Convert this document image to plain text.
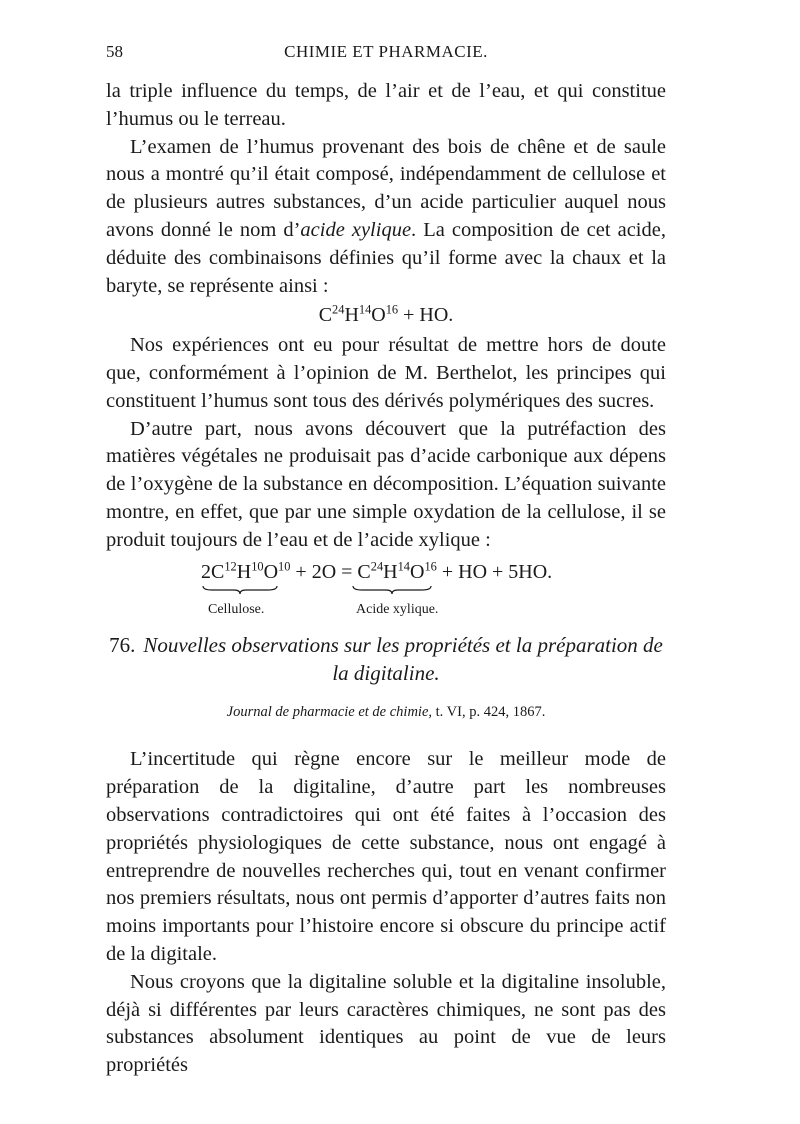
58	CHIMIE ET PHARMACIE.

la triple influence du temps, de l’air et de l’eau, et qui constitue l’humus ou le terreau.

L’examen de l’humus provenant des bois de chêne et de saule nous a montré qu’il était composé, indépendamment de cellulose et de plusieurs autres substances, d’un acide particulier auquel nous avons donné le nom d’acide xylique. La composition de cet acide, déduite des combinaisons définies qu’il forme avec la chaux et la baryte, se représente ainsi :

$C^{24}H^{14}O^{16}$ + HO.

Nos expériences ont eu pour résultat de mettre hors de doute que, conformément à l’opinion de M. Berthelot, les principes qui constituent l’humus sont tous des dérivés polymériques des sucres.

D’autre part, nous avons découvert que la putréfaction des matières végétales ne produisait pas d’acide carbonique aux dépens de l’oxygène de la substance en décomposition. L’équation suivante montre, en effet, que par une simple oxydation de la cellulose, il se produit toujours de l’eau et de l’acide xylique :

$2C^{12}H^{10}O^{10} + 2O = C^{24}H^{14}O^{16}$ + HO + 5HO.
Cellulose.	Acide xylique.
76. Nouvelles observations sur les propriétés et la préparation de la digitaline.
Journal de pharmacie et de chimie, t. VI, p. 424, 1867.

L’incertitude qui règne encore sur le meilleur mode de préparation de la digitaline, d’autre part les nombreuses observations contradictoires qui ont été faites à l’occasion des propriétés physiologiques de cette substance, nous ont engagé à entreprendre de nouvelles recherches qui, tout en venant confirmer nos premiers résultats, nous ont permis d’apporter d’autres faits non moins importants pour l’histoire encore si obscure du principe actif de la digitale.

Nous croyons que la digitaline soluble et la digitaline insoluble, déjà si différentes par leurs caractères chimiques, ne sont pas des substances absolument identiques au point de vue de leurs propriétés
